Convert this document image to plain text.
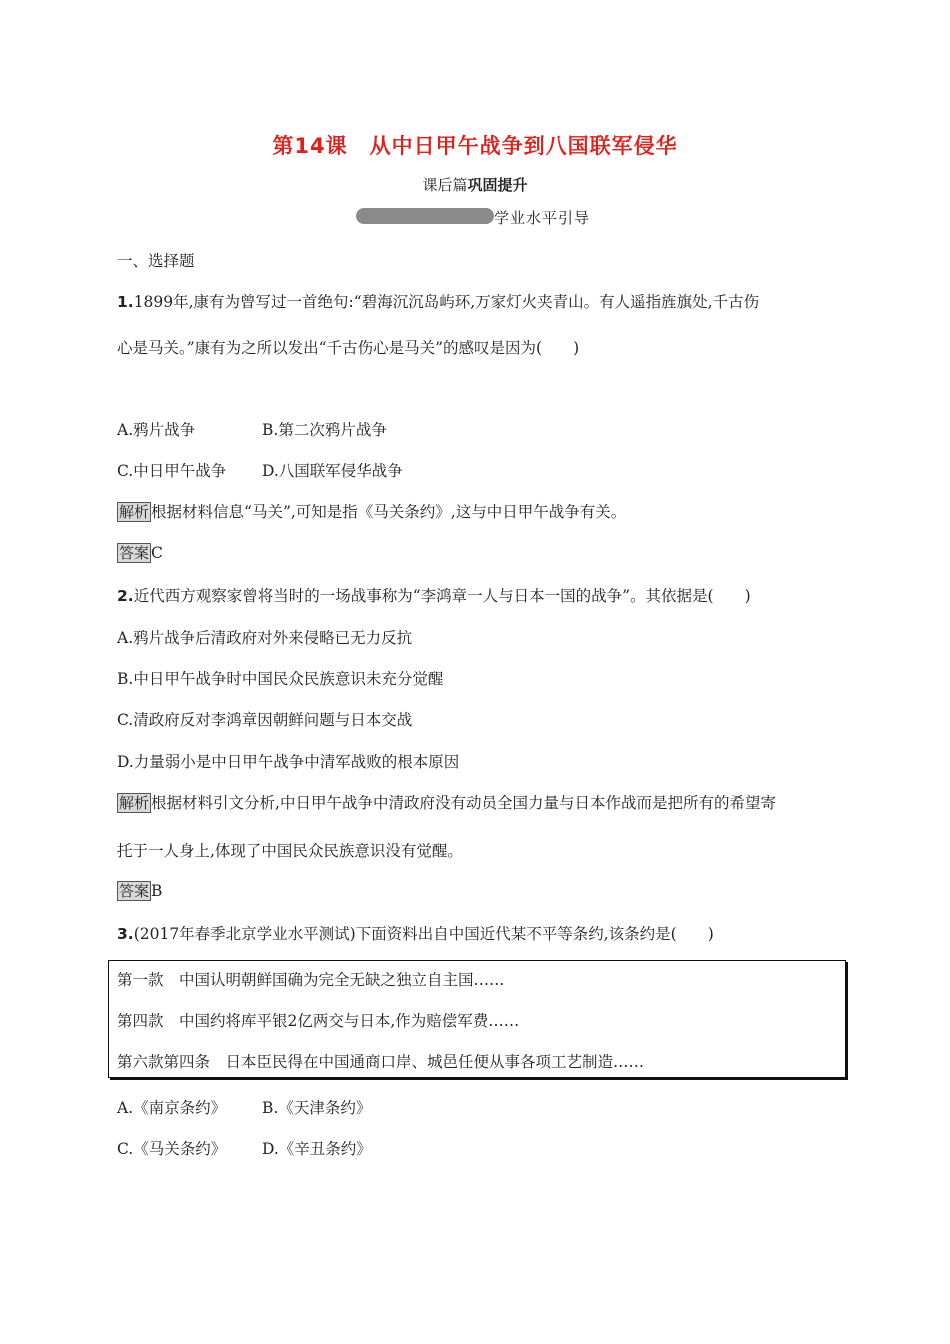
第14课　从中日甲午战争到八国联军侵华
课后篇巩固提升
学业水平引导
一、选择题
1.1899年,康有为曾写过一首绝句:“碧海沉沉岛屿环,万家灯火夹青山。有人遥指旌旗处,千古伤
心是马关。”康有为之所以发出“千古伤心是马关”的感叹是因为(　　)
A.鸦片战争	B.第二次鸦片战争
C.中日甲午战争 D.八国联军侵华战争
解析 根据材料信息“马关”,可知是指《马关条约》,这与中日甲午战争有关。
答案 C
2.近代西方观察家曾将当时的一场战事称为“李鸿章一人与日本一国的战争”。其依据是(　　)
A.鸦片战争后清政府对外来侵略已无力反抗
B.中日甲午战争时中国民众民族意识未充分觉醒
C.清政府反对李鸿章因朝鲜问题与日本交战
D.力量弱小是中日甲午战争中清军战败的根本原因
解析 根据材料引文分析,中日甲午战争中清政府没有动员全国力量与日本作战而是把所有的希望寄
托于一人身上,体现了中国民众民族意识没有觉醒。
答案 B
3.(2017年春季北京学业水平测试)下面资料出自中国近代某不平等条约,该条约是(　　)
第一款　中国认明朝鲜国确为完全无缺之独立自主国……
第四款　中国约将库平银2亿两交与日本,作为赔偿军费……
第六款第四条　日本臣民得在中国通商口岸、城邑任便从事各项工艺制造……
A.《南京条约》 B.《天津条约》
C.《马关条约》 D.《辛丑条约》
